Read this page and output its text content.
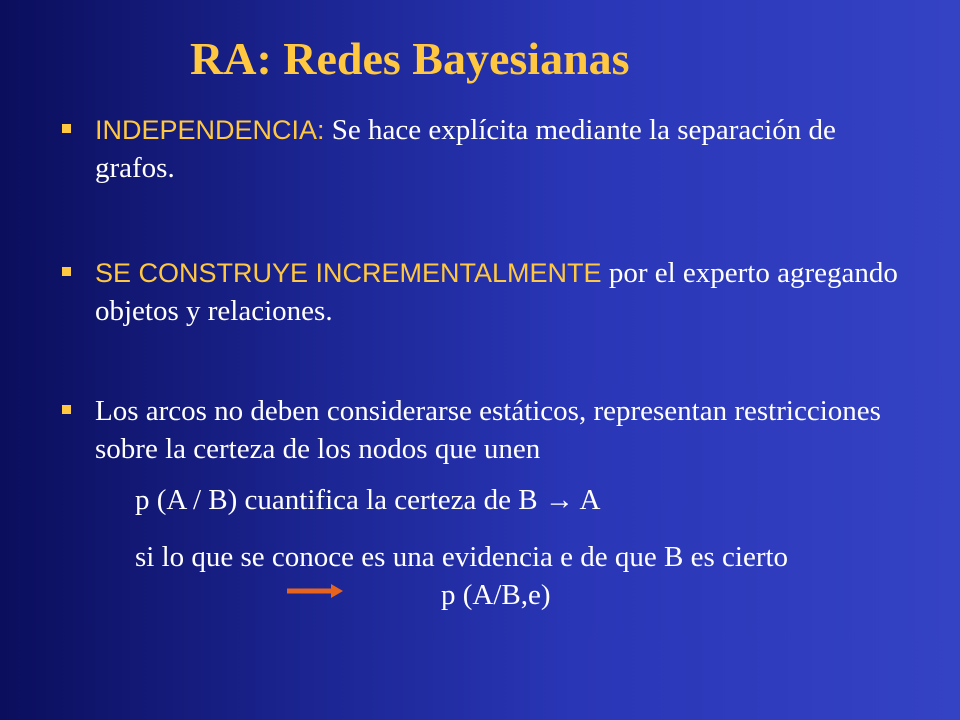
RA: Redes Bayesianas
INDEPENDENCIA: Se hace explícita mediante la separación de grafos.
SE CONSTRUYE INCREMENTALMENTE por el experto agregando objetos y relaciones.
Los arcos no deben considerarse estáticos, representan restricciones sobre la certeza de los nodos que unen
p (A / B) cuantifica la certeza de B → A
si lo que se conoce es una evidencia e de que B es cierto
p (A/B,e)
